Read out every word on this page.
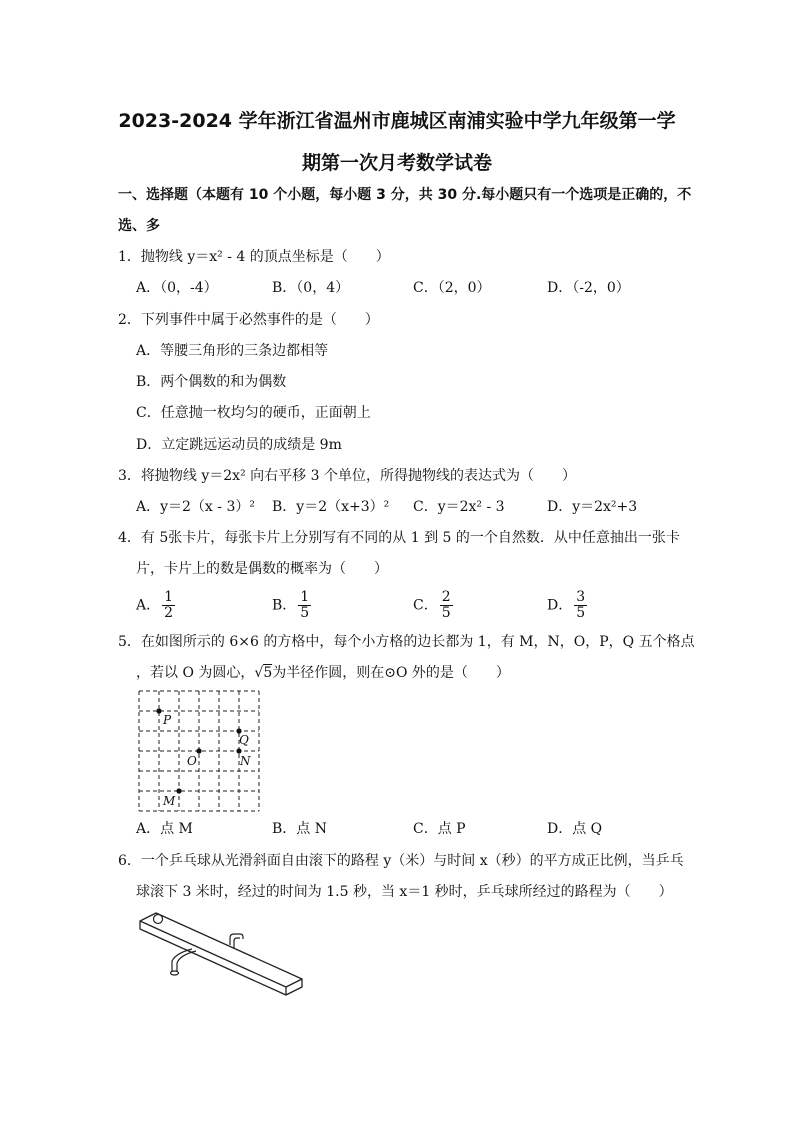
2023-2024 学年浙江省温州市鹿城区南浦实验中学九年级第一学
期第一次月考数学试卷
一、选择题（本题有 10 个小题，每小题 3 分，共 30 分.每小题只有一个选项是正确的，不
选、多
1．抛物线 y＝x² - 4 的顶点坐标是（　　）
A．（0，-4）	B．（0，4）	C．（2，0）	D．（-2，0）
2．下列事件中属于必然事件的是（　　）
A．等腰三角形的三条边都相等
B．两个偶数的和为偶数
C．任意抛一枚均匀的硬币，正面朝上
D．立定跳远运动员的成绩是 9m
3．将抛物线 y＝2x² 向右平移 3 个单位，所得抛物线的表达式为（　　）
A．y＝2（x - 3）² B．y＝2（x+3）² C．y＝2x² - 3	D．y＝2x²+3
4．有 5张卡片，每张卡片上分别写有不同的从 1 到 5 的一个自然数．从中任意抽出一张卡
片，卡片上的数是偶数的概率为（　　）
A． $\frac{1}{2}$	B． $\frac{1}{5}$	C． $\frac{2}{5}$	D． $\frac{3}{5}$
5．在如图所示的 6×6 的方格中，每个小方格的边长都为 1，有 M，N，O，P，Q 五个格点
，若以 O 为圆心，√5为半径作圆，则在⊙O 外的是（　　）
P
Q
O	N
M
A．点 M	B．点 N	C．点 P	D．点 Q
6．一个乒乓球从光滑斜面自由滚下的路程 y（米）与时间 x（秒）的平方成正比例，当乒乓
球滚下 3 米时，经过的时间为 1.5 秒，当 x＝1 秒时，乒乓球所经过的路程为（　　）
